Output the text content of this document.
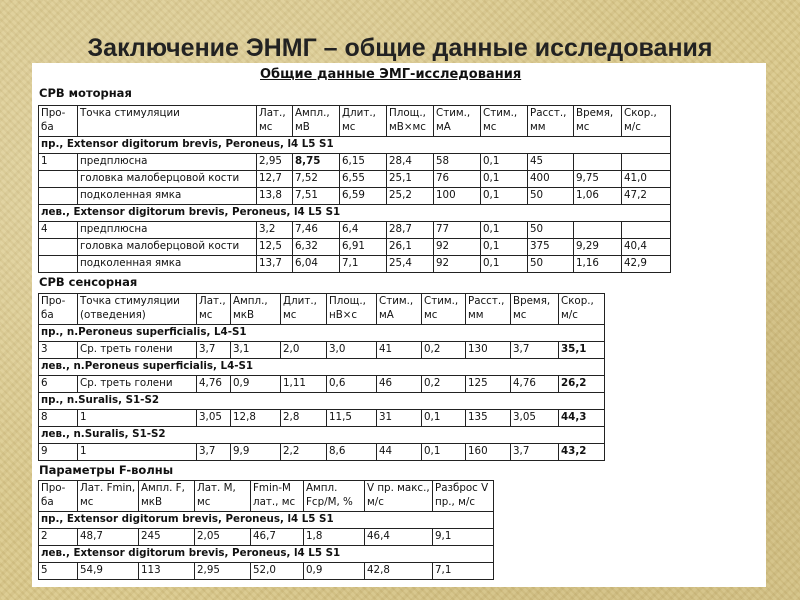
Заключение ЭНМГ – общие данные исследования
Общие данные ЭМГ-исследования
СРВ моторная
Про-ба	Точка стимуляции	Лат., мс	Ампл., мВ	Длит., мс	Площ., мВ×мс	Стим., мА	Стим., мс	Расст., мм	Время, мс	Скор., м/с
пр., Extensor digitorum brevis, Peroneus, l4 L5 S1										
1	предплюсна	2,95	8,75	6,15	28,4	58	0,1	45		
	головка малоберцовой кости	12,7	7,52	6,55	25,1	76	0,1	400	9,75	41,0
	подколенная ямка	13,8	7,51	6,59	25,2	100	0,1	50	1,06	47,2
лев., Extensor digitorum brevis, Peroneus, l4 L5 S1										
4	предплюсна	3,2	7,46	6,4	28,7	77	0,1	50		
	головка малоберцовой кости	12,5	6,32	6,91	26,1	92	0,1	375	9,29	40,4
	подколенная ямка	13,7	6,04	7,1	25,4	92	0,1	50	1,16	42,9
СРВ сенсорная
Про-ба	Точка стимуляции (отведения)	Лат., мс	Ампл., мкВ	Длит., мс	Площ., нВ×с	Стим., мА	Стим., мс	Расст., мм	Время, мс	Скор., м/с
пр., n.Peroneus superficialis, L4-S1										
3	Ср. треть голени	3,7	3,1	2,0	3,0	41	0,2	130	3,7	35,1
лев., n.Peroneus superficialis, L4-S1										
6	Ср. треть голени	4,76	0,9	1,11	0,6	46	0,2	125	4,76	26,2
пр., n.Suralis, S1-S2										
8	1	3,05	12,8	2,8	11,5	31	0,1	135	3,05	44,3
лев., n.Suralis, S1-S2										
9	1	3,7	9,9	2,2	8,6	44	0,1	160	3,7	43,2
Параметры F-волны
Про-ба	Лат. Fmin, мс	Ампл. F, мкВ	Лат. M, мс	Fmin-M лат., мс	Ампл. Fср/M, %	V пр. макс., м/с	Разброс V пр., м/с
пр., Extensor digitorum brevis, Peroneus, l4 L5 S1							
2	48,7	245	2,05	46,7	1,8	46,4	9,1
лев., Extensor digitorum brevis, Peroneus, l4 L5 S1							
5	54,9	113	2,95	52,0	0,9	42,8	7,1
